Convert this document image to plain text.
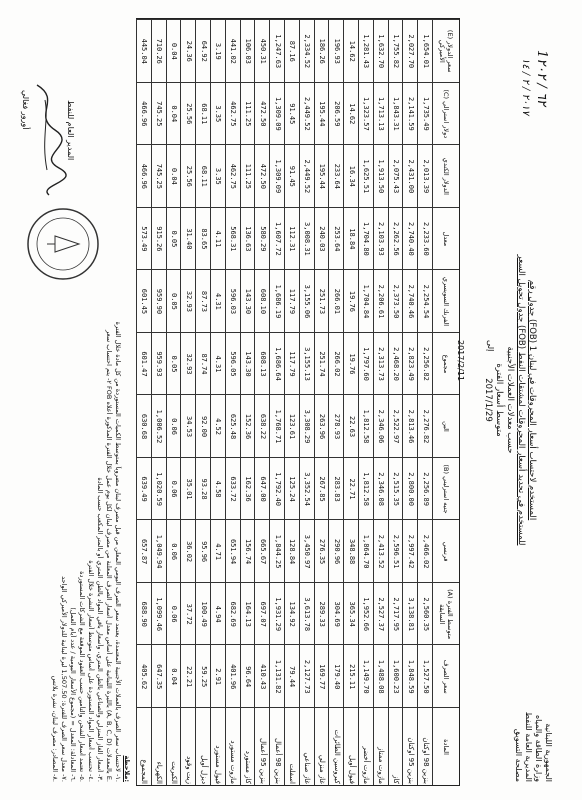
الجمهورية اللبنانية
وزارة الطاقة والمياه
المديرية العامة للنفط
مصلحة التسويق
جدول رقم (FOB) 1 المستخدم لاحتساب أسعار المحروقات في لبنان
جدول تحويل السعر (FOB) للمستخدم في تحديد أسعار المحروقات لمشتقات النفط
حسب معدلات العملات الأجنبية
متوسط أسعار الفترة
2017/1/29
إلى
2017/2/11
1٦٢ / ٢٠٢
٢٠١٧ / ٢ / ١٤
المادة
سعر الصرف
(A) متوسط الفترة السابقة
فرنسي
(B) جنيه استرليني
الين
مجموع
الفرنك السويسري
معدل
الدولار الكندي
(C) دولار استرالي
(E) سعر الدولار الأميركي
بنزين 98 اوكتان
1,527.50
2,560.35
2,466.02
2,256.89
2,276.82
2,256.82
2,254.54
2,233.60
2,013.39
1,735.49
1,654.01
بنزين 95 اوكتان
1,848.59
3,138.81
2,997.42
2,800.00
2,813.46
2,823.49
2,740.46
2,740.40
2,431.00
2,141.59
2,027.70
كاز
1,600.23
2,717.95
2,596.51
2,515.35
2,522.97
2,468.20
2,373.50
2,262.56
2,075.43
1,843.31
1,755.82
مازوت ممتاز
1,488.08
2,527.37
2,413.52
2,346.08
2,346.06
2,313.73
2,206.61
2,103.93
1,913.50
1,713.13
1,632.70
مازوت أخضر
1,149.70
1,952.66
1,864.70
1,812.58
1,812.58
1,797.60
1,704.84
1,704.80
1,625.51
1,323.57
1,281.43
فيول أويل
215.11
365.34
348.88
22.71
22.63
19.76
19.76
18.84
16.34
14.62
14.62
كيروسين الطائرات
179.40
304.69
290.96
283.83
278.93
266.02
266.01
253.64
233.64
206.59
196.93
غاز منزلي
169.77
289.33
276.35
267.85
263.96
251.74
251.73
240.03
195.44
195.44
186.26
غاز صناعي
2,127.73
3,613.78
3,450.97
3,352.54
3,308.29
3,155.13
3,155.06
3,008.31
2,449.52
2,449.52
2,334.52
اسفلت
79.44
134.92
128.84
125.24
123.61
117.79
117.79
112.31
91.45
91.45
87.16
بنزين 98 أعمال
1,131.82
1,931.29
1,844.25
1,792.40
1,768.71
1,686.64
1,686.19
1,607.72
1,309.09
1,309.09
1,247.63
بنزين 95 أعمال
410.43
697.07
665.67
647.00
638.22
608.13
608.10
580.29
472.50
472.50
450.31
كاز مستورد
96.64
164.13
156.74
162.36
152.36
143.30
143.30
136.63
111.25
111.25
106.03
مازوت مستورد
401.96
682.69
651.94
633.72
625.48
596.05
596.03
568.31
462.75
462.75
441.02
فيول مستورد
2.91
4.94
4.71
4.58
4.52
4.31
4.31
4.11
3.35
3.35
3.19
ديزل أويل
59.25
100.49
95.96
93.28
92.00
87.74
87.73
83.65
68.11
68.11
64.92
زيت وقود
22.21
37.72
36.02
35.01
34.53
32.93
32.93
31.40
25.56
25.56
24.36
الكبريت
0.04
0.06
0.06
0.06
0.06
0.05
0.05
0.05
0.04
0.04
0.04
الكهرباء
647.35
1,099.46
1,049.94
1,020.59
1,006.52
959.93
959.90
915.26
745.25
745.25
710.26
المجموع
405.62
688.90
657.87
639.49
630.68
601.47
601.45
573.49
466.96
466.96
445.04
ملاحظة:
١- لاحتساب سعر الصرف بالعملات الأجنبية المعتمدة، يعتمد سعر الصرف اليومي المعلن من قبل مصرف لبنان مضروباً بمتوسط الكميات المستوردة من كل مادة خلال الفترة.
٢- يتم احتساب سعر FOB بالليرة اللبنانية على أساس معدل أسعار الصرف المعلنة من مصرف لبنان لكل يوم عمل خلال الفترة المذكورة أعلاه (A, B, C, D) بالمعدلات E.
٣- أسعار الغاز المنزلي والصناعي بالطن المتري، وأسعار باقي المواد بالطن المتري أو بالمتر المكعب حسب المادة.
٤- تحتسب أسعار المواد المستوردة على أساس متوسط أسعار النشرة خلال الفترة.
٥- تعتمد أسعار الشحن والتأمين حسب العقود الموقعة مع الشركات المستوردة.
٦- المعادلة: المعدل = (مجموع الأسعار اليومية / عدد أيام العمل).
٧- معدل سعر الصرف للفترة: 1,507.50 ليرة لبنانية للدولار الأميركي الواحد.
٨- المصادر: مصرف لبنان، نشرة بلاتس.
المدير العام للنفط
أورور فغالي
